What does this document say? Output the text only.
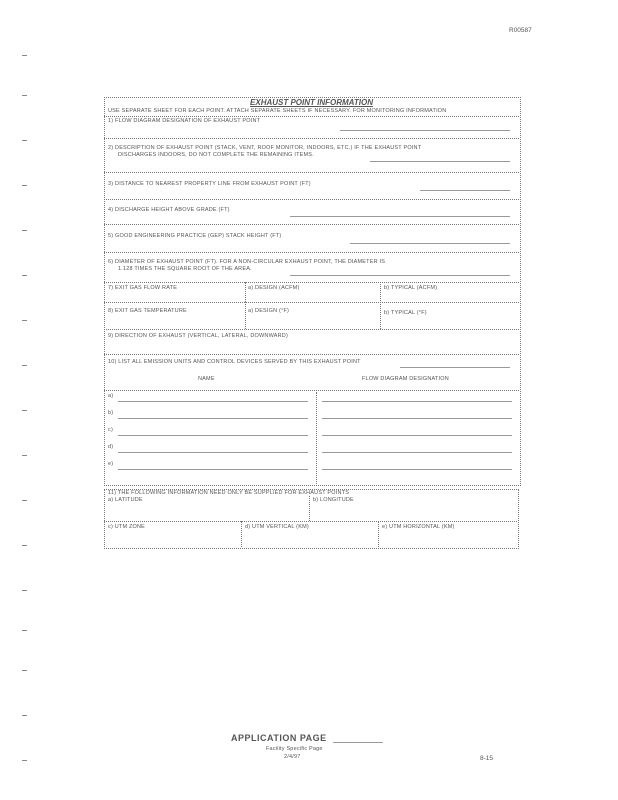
R00587
EXHAUST POINT INFORMATION
USE SEPARATE SHEET FOR EACH POINT. ATTACH SEPARATE SHEETS IF NECESSARY. FOR MONITORING INFORMATION
1) FLOW DIAGRAM DESIGNATION OF EXHAUST POINT
2) DESCRIPTION OF EXHAUST POINT (STACK, VENT, ROOF MONITOR, INDOORS, ETC.) IF THE EXHAUST POINT
DISCHARGES INDOORS, DO NOT COMPLETE THE REMAINING ITEMS.
3) DISTANCE TO NEAREST PROPERTY LINE FROM EXHAUST POINT (FT)
4) DISCHARGE HEIGHT ABOVE GRADE (FT)
5) GOOD ENGINEERING PRACTICE (GEP) STACK HEIGHT (FT)
6) DIAMETER OF EXHAUST POINT (FT). FOR A NON-CIRCULAR EXHAUST POINT, THE DIAMETER IS
1.128 TIMES THE SQUARE ROOT OF THE AREA.
7) EXIT GAS FLOW RATE	a) DESIGN (ACFM)	b) TYPICAL (ACFM)
8) EXIT GAS TEMPERATURE	a) DESIGN (°F)	b) TYPICAL (°F)
9) DIRECTION OF EXHAUST (VERTICAL, LATERAL, DOWNWARD)
10) LIST ALL EMISSION UNITS AND CONTROL DEVICES SERVED BY THIS EXHAUST POINT
NAME	FLOW DIAGRAM DESIGNATION
a)
b)
c)
d)
e)
11) THE FOLLOWING INFORMATION NEED ONLY BE SUPPLIED FOR EXHAUST POINTS
a) LATITUDE	b) LONGITUDE
c) UTM ZONE	d) UTM VERTICAL (KM)	e) UTM HORIZONTAL (KM)
APPLICATION PAGE
Facility Specific Page
2/4/97	8-15
